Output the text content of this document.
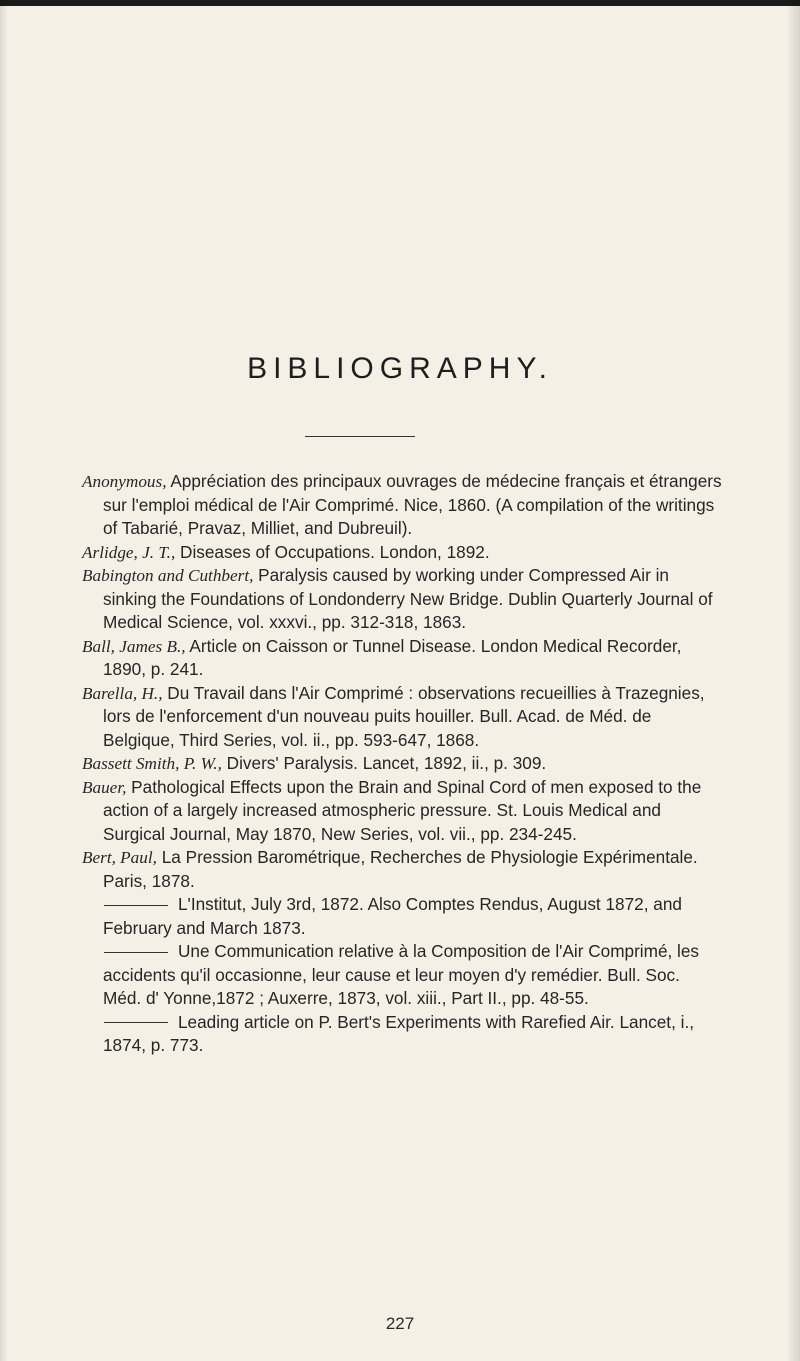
BIBLIOGRAPHY.

Anonymous, Appréciation des principaux ouvrages de médecine français et étrangers sur l'emploi médical de l'Air Comprimé. Nice, 1860. (A compilation of the writings of Tabarié, Pravaz, Milliet, and Dubreuil).

Arlidge, J. T., Diseases of Occupations. London, 1892.

Babington and Cuthbert, Paralysis caused by working under Compressed Air in sinking the Foundations of Londonderry New Bridge. Dublin Quarterly Journal of Medical Science, vol. xxxvi., pp. 312-318, 1863.

Ball, James B., Article on Caisson or Tunnel Disease. London Medical Recorder, 1890, p. 241.

Barella, H., Du Travail dans l'Air Comprimé : observations recueillies à Trazegnies, lors de l'enforcement d'un nouveau puits houiller. Bull. Acad. de Méd. de Belgique, Third Series, vol. ii., pp. 593-647, 1868.

Bassett Smith, P. W., Divers' Paralysis. Lancet, 1892, ii., p. 309.

Bauer, Pathological Effects upon the Brain and Spinal Cord of men exposed to the action of a largely increased atmospheric pressure. St. Louis Medical and Surgical Journal, May 1870, New Series, vol. vii., pp. 234-245.

Bert, Paul, La Pression Barométrique, Recherches de Physiologie Expérimentale. Paris, 1878.

L'Institut, July 3rd, 1872. Also Comptes Rendus, August 1872, and February and March 1873.

Une Communication relative à la Composition de l'Air Comprimé, les accidents qu'il occasionne, leur cause et leur moyen d'y remédier. Bull. Soc. Méd. d' Yonne,1872 ; Auxerre, 1873, vol. xiii., Part II., pp. 48-55.

Leading article on P. Bert's Experiments with Rarefied Air. Lancet, i., 1874, p. 773.

227
